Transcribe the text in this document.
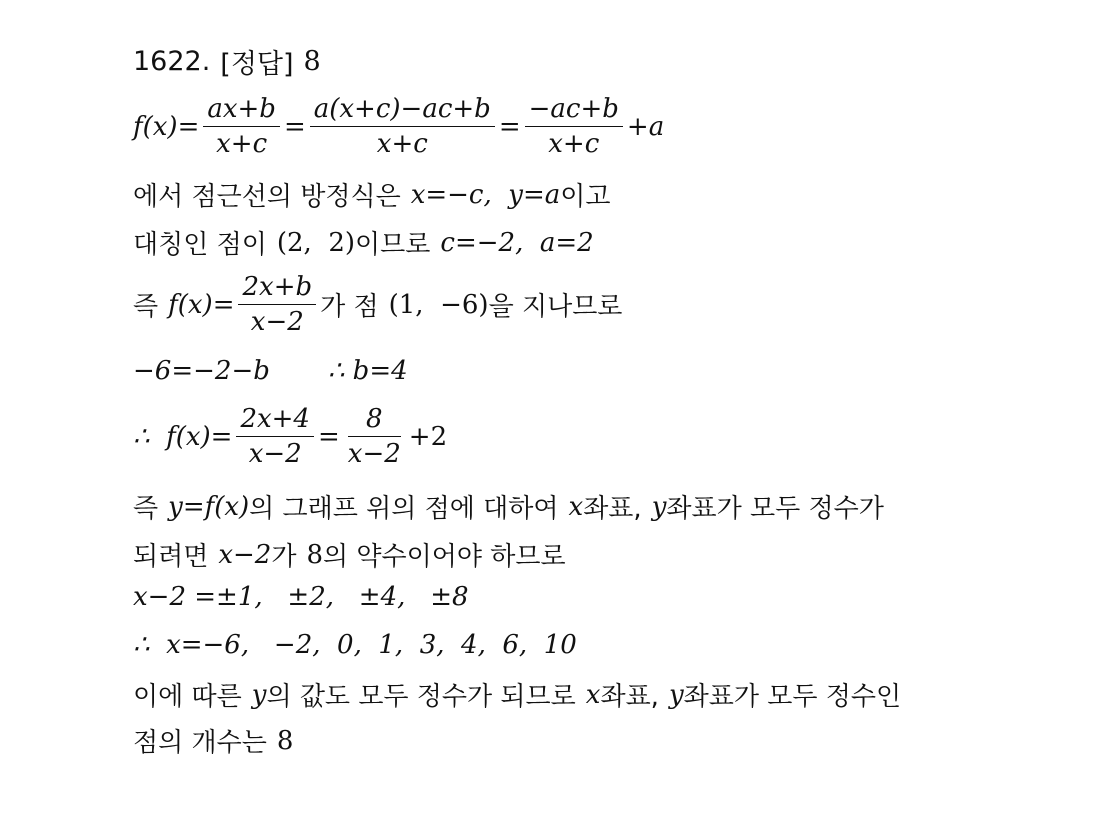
1622. [정답] 8
$f(x)= \frac{ax+b}{x+c} = \frac{a(x+c)-ac+b}{x+c} = \frac{-ac+b}{x+c} +a$
에서 점근선의 방정식은 x=−c,  y=a 이고
대칭인 점이 (2,  2) 이므로 c=−2,  a=2
즉 $f(x)= \frac{2x+b}{x-2}$ 가 점 (1,  −6) 을 지나므로
−6=−2−b ∴ b=4
∴  $f(x)= \frac{2x+4}{x-2} = \frac{8}{x-2} +2$
즉 y=f(x) 의 그래프 위의 점에 대하여 x 좌표, y 좌표가 모두 정수가
되려면 x−2 가 8 의 약수이어야 하므로
x−2 =±1,   ±2,   ±4,   ±8
∴  x=−6,   −2,  0,  1,  3,  4,  6,  10
이에 따른 y 의 값도 모두 정수가 되므로 x 좌표, y 좌표가 모두 정수인
점의 개수는 8
